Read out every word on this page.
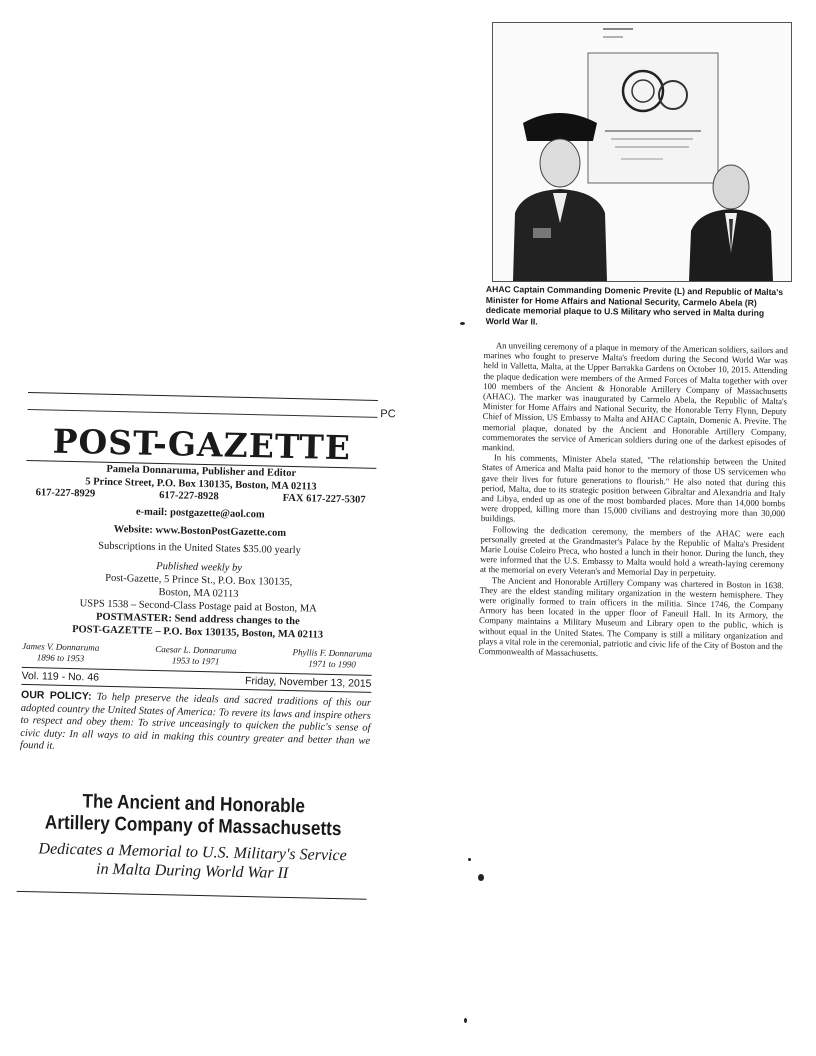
AHAC Captain Commanding Domenic Previte (L) and Republic of Malta's Minister for Home Affairs and National Security, Carmelo Abela (R) dedicate memorial plaque to U.S Military who served in Malta during World War II.

An unveiling ceremony of a plaque in memory of the American soldiers, sailors and marines who fought to preserve Malta's freedom during the Second World War was held in Valletta, Malta, at the Upper Barrakka Gardens on October 10, 2015. Attending the plaque dedication were members of the Armed Forces of Malta together with over 100 members of the Ancient & Honorable Artillery Company of Massachusetts (AHAC). The marker was inaugurated by Carmelo Abela, the Republic of Malta's Minister for Home Affairs and National Security, the Honorable Terry Flynn, Deputy Chief of Mission, US Embassy to Malta and AHAC Captain, Domenic A. Previte. The memorial plaque, donated by the Ancient and Honorable Artillery Company, commemorates the service of American soldiers during one of the darkest episodes of mankind.

In his comments, Minister Abela stated, "The relationship between the United States of America and Malta paid honor to the memory of those US servicemen who gave their lives for future generations to flourish." He also noted that during this period, Malta, due to its strategic position between Gibraltar and Alexandria and Italy and Libya, ended up as one of the most bombarded places. More than 14,000 bombs were dropped, killing more than 15,000 civilians and destroying more than 30,000 buildings.

Following the dedication ceremony, the members of the AHAC were each personally greeted at the Grandmaster's Palace by the Republic of Malta's President Marie Louise Coleiro Preca, who hosted a lunch in their honor. During the lunch, they were informed that the U.S. Embassy to Malta would hold a wreath-laying ceremony at the memorial on every Veteran's and Memorial Day in perpetuity.

The Ancient and Honorable Artillery Company was chartered in Boston in 1638. They are the eldest standing military organization in the western hemisphere. They were originally formed to train officers in the militia. Since 1746, the Company Armory has been located in the upper floor of Faneuil Hall. In its Armory, the Company maintains a Military Museum and Library open to the public, which is without equal in the United States. The Company is still a military organization and plays a vital role in the ceremonial, patriotic and civic life of the City of Boston and the Commonwealth of Massachusetts.

PC
POST-GAZETTE
Pamela Donnaruma, Publisher and Editor
5 Prince Street, P.O. Box 130135, Boston, MA 02113
617-227-8929	617-227-8928	FAX 617-227-5307
e-mail: postgazette@aol.com
Website: www.BostonPostGazette.com
Subscriptions in the United States $35.00 yearly
Published weekly by
Post-Gazette, 5 Prince St., P.O. Box 130135,
Boston, MA 02113
USPS 1538 – Second-Class Postage paid at Boston, MA
POSTMASTER: Send address changes to the
POST-GAZETTE – P.O. Box 130135, Boston, MA 02113
James V. Donnaruma
1896 to 1953
Caesar L. Donnaruma
1953 to 1971
Phyllis F. Donnaruma
1971 to 1990
Vol. 119 - No. 46	Friday, November 13, 2015
OUR POLICY: To help preserve the ideals and sacred traditions of this our adopted country the United States of America: To revere its laws and inspire others to respect and obey them: To strive unceasingly to quicken the public's sense of civic duty: In all ways to aid in making this country greater and better than we found it.
The Ancient and Honorable
Artillery Company of Massachusetts
Dedicates a Memorial to U.S. Military's Service
in Malta During World War II
